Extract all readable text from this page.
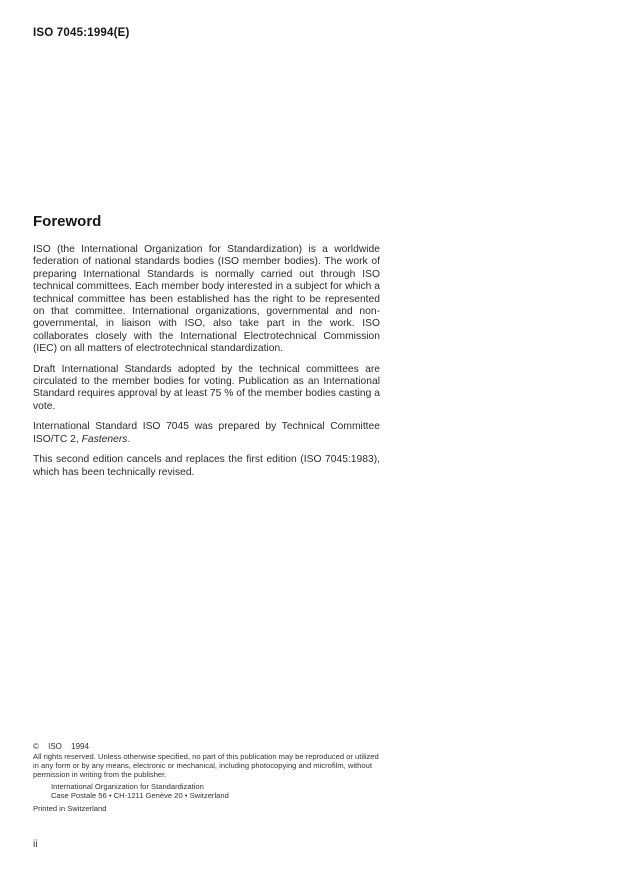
ISO 7045:1994(E)
Foreword

ISO (the International Organization for Standardization) is a worldwide federation of national standards bodies (ISO member bodies). The work of preparing International Standards is normally carried out through ISO technical committees. Each member body interested in a subject for which a technical committee has been established has the right to be represented on that committee. International organizations, governmental and non-governmental, in liaison with ISO, also take part in the work. ISO collaborates closely with the International Electrotechnical Commission (IEC) on all matters of electrotechnical standardization.

Draft International Standards adopted by the technical committees are circulated to the member bodies for voting. Publication as an International Standard requires approval by at least 75 % of the member bodies casting a vote.

International Standard ISO 7045 was prepared by Technical Committee ISO/TC 2, Fasteners.

This second edition cancels and replaces the first edition (ISO 7045:1983), which has been technically revised.

© ISO 1994
All rights reserved. Unless otherwise specified, no part of this publication may be reproduced or utilized in any form or by any means, electronic or mechanical, including photocopying and microfilm, without permission in writing from the publisher.
International Organization for Standardization
Case Postale 56 • CH-1211 Genève 20 • Switzerland
Printed in Switzerland
ii
